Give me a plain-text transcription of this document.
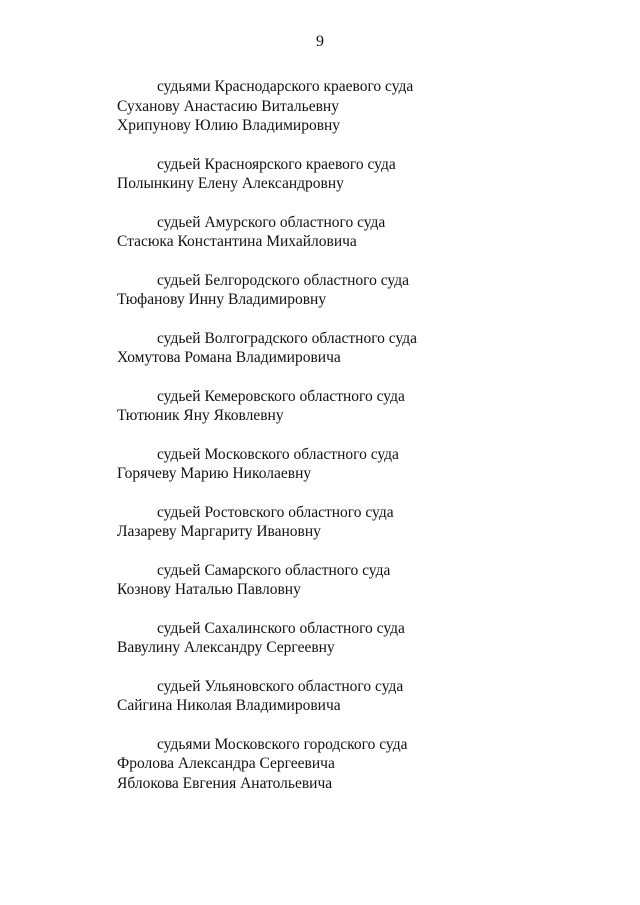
9
судьями Краснодарского краевого суда
Суханову Анастасию Витальевну
Хрипунову Юлию Владимировну
судьей Красноярского краевого суда
Полынкину Елену Александровну
судьей Амурского областного суда
Стасюка Константина Михайловича
судьей Белгородского областного суда
Тюфанову Инну Владимировну
судьей Волгоградского областного суда
Хомутова Романа Владимировича
судьей Кемеровского областного суда
Тютюник Яну Яковлевну
судьей Московского областного суда
Горячеву Марию Николаевну
судьей Ростовского областного суда
Лазареву Маргариту Ивановну
судьей Самарского областного суда
Кознову Наталью Павловну
судьей Сахалинского областного суда
Вавулину Александру Сергеевну
судьей Ульяновского областного суда
Сайгина Николая Владимировича
судьями Московского городского суда
Фролова Александра Сергеевича
Яблокова Евгения Анатольевича
